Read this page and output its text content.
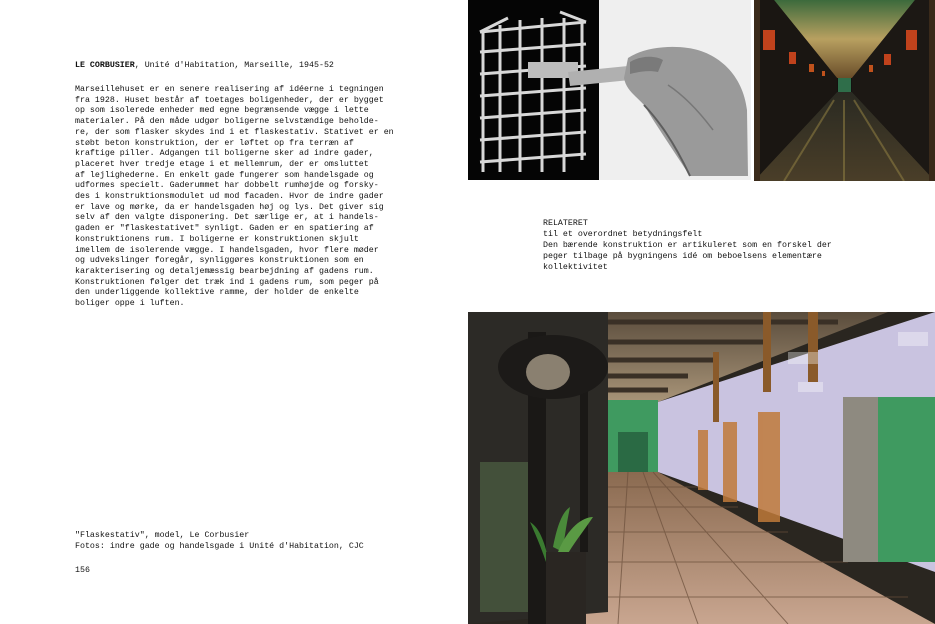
LE CORBUSIER, Unité d'Habitation, Marseille, 1945-52
Marseillehuset er en senere realisering af idéerne i tegningen
fra 1928. Huset består af toetages boligenheder, der er bygget
op som isolerede enheder med egne begrænsende vægge i lette
materialer. På den måde udgør boligerne selvstændige beholde-
re, der som flasker skydes ind i et flaskestativ. Stativet er en
støbt beton konstruktion, der er løftet op fra terræn af
kraftige piller. Adgangen til boligerne sker ad indre gader,
placeret hver tredje etage i et mellemrum, der er omsluttet
af lejlighederne. En enkelt gade fungerer som handelsgade og
udformes specielt. Gaderummet har dobbelt rumhøjde og forsky-
des i konstruktionsmodulet ud mod facaden. Hvor de indre gader
er lave og mørke, da er handelsgaden høj og lys. Det giver sig
selv af den valgte disponering. Det særlige er, at i handels-
gaden er "flaskestativet" synligt. Gaden er en spatiering af
konstruktionens rum. I boligerne er konstruktionen skjult
imellem de isolerende vægge. I handelsgaden, hvor flere møder
og udvekslinger foregår, synliggøres konstruktionen som en
karakterisering og detaljemæssig bearbejdning af gadens rum.
Konstruktionen følger det træk ind i gadens rum, som peger på
den underliggende kollektive ramme, der holder de enkelte
boliger oppe i luften.
"Flaskestativ", model, Le Corbusier
Fotos: indre gade og handelsgade i Unité d'Habitation, CJC
156
RELATERET
til et overordnet betydningsfelt
Den bærende konstruktion er artikuleret som en forskel der
peger tilbage på bygningens idé om beboelsens elementære
kollektivitet
